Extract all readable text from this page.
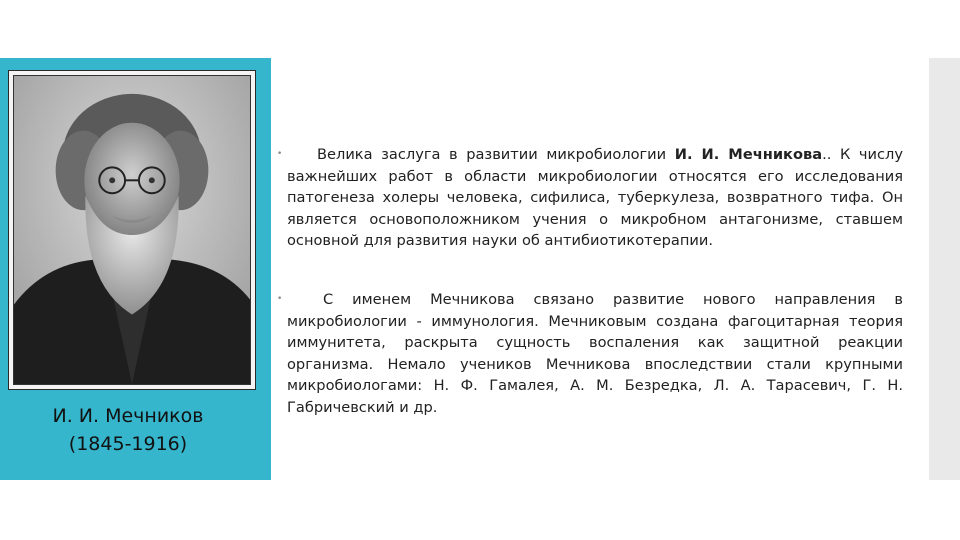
И. И. Мечников
(1845-1916)
•	Велика заслуга в развитии микробиологии И. И. Мечникова.. К числу важнейших работ в области микробиологии относятся его исследования патогенеза холеры человека, сифилиса, туберкулеза, возвратного тифа. Он является основоположником учения о микробном антагонизме, ставшем основной для развития науки об антибиотикотерапии.

•	С именем Мечникова связано развитие нового направления в микробиологии - иммунология. Мечниковым создана фагоцитарная теория иммунитета, раскрыта сущность воспаления как защитной реакции организма. Немало учеников Мечникова впоследствии стали крупными микробиологами: Н. Ф. Гамалея, А. М. Безредка, Л. А. Тарасевич, Г. Н. Габричевский и др.
